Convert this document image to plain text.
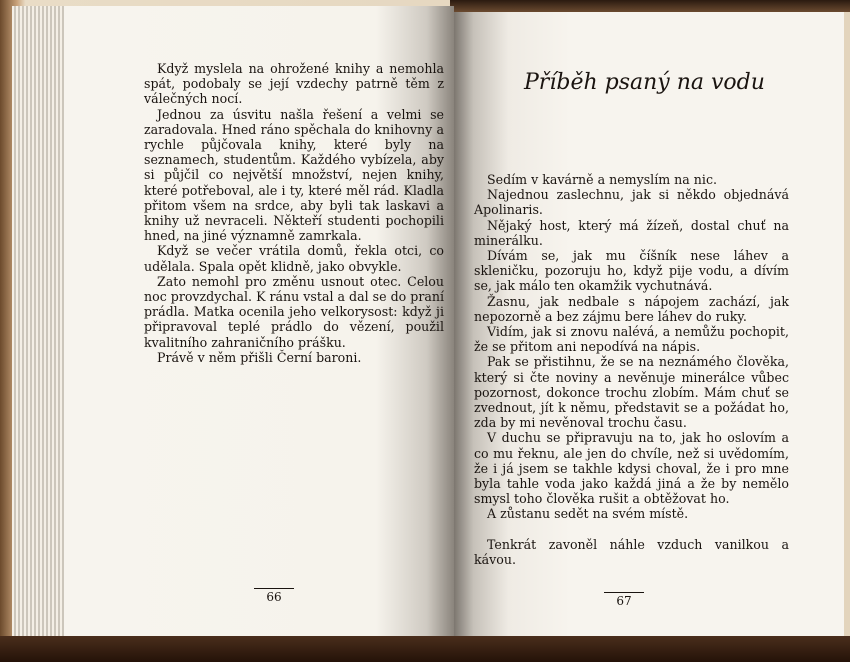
Když myslela na ohrožené knihy a nemohla spát, podobaly se její vzdechy patrně těm z válečných nocí.

Jednou za úsvitu našla řešení a velmi se zaradovala. Hned ráno spěchala do knihovny a rychle půjčovala knihy, které byly na seznamech, studentům. Každého vybízela, aby si půjčil co největší množství, nejen knihy, které potřeboval, ale i ty, které měl rád. Kladla přitom všem na srdce, aby byli tak laskavi a knihy už nevraceli. Někteří studenti pochopili hned, na jiné významně zamrkala.

Když se večer vrátila domů, řekla otci, co udělala. Spala opět klidně, jako obvykle.

Zato nemohl pro změnu usnout otec. Celou noc provzdychal. K ránu vstal a dal se do praní prádla. Matka ocenila jeho velkorysost: když ji připravoval teplé prádlo do vězení, použil kvalitního zahraničního prášku.

Právě v něm přišli Černí baroni.

66
Příběh psaný na vodu

Sedím v kavárně a nemyslím na nic.

Najednou zaslechnu, jak si někdo objednává Apolinaris.

Nějaký host, který má žízeň, dostal chuť na minerálku.

Dívám se, jak mu číšník nese láhev a skleničku, pozoruju ho, když pije vodu, a dívím se, jak málo ten okamžik vychutnává.

Žasnu, jak nedbale s nápojem zachází, jak nepozorně a bez zájmu bere láhev do ruky.

Vidím, jak si znovu nalévá, a nemůžu pochopit, že se přitom ani nepodívá na nápis.

Pak se přistihnu, že se na neznámého člověka, který si čte noviny a nevěnuje minerálce vůbec pozornost, dokonce trochu zlobím. Mám chuť se zvednout, jít k němu, představit se a požádat ho, zda by mi nevěnoval trochu času.

V duchu se připravuju na to, jak ho oslovím a co mu řeknu, ale jen do chvíle, než si uvědomím, že i já jsem se takhle kdysi choval, že i pro mne byla tahle voda jako každá jiná a že by nemělo smysl toho člověka rušit a obtěžovat ho.

A zůstanu sedět na svém místě.

Tenkrát zavoněl náhle vzduch vanilkou a kávou.

67
